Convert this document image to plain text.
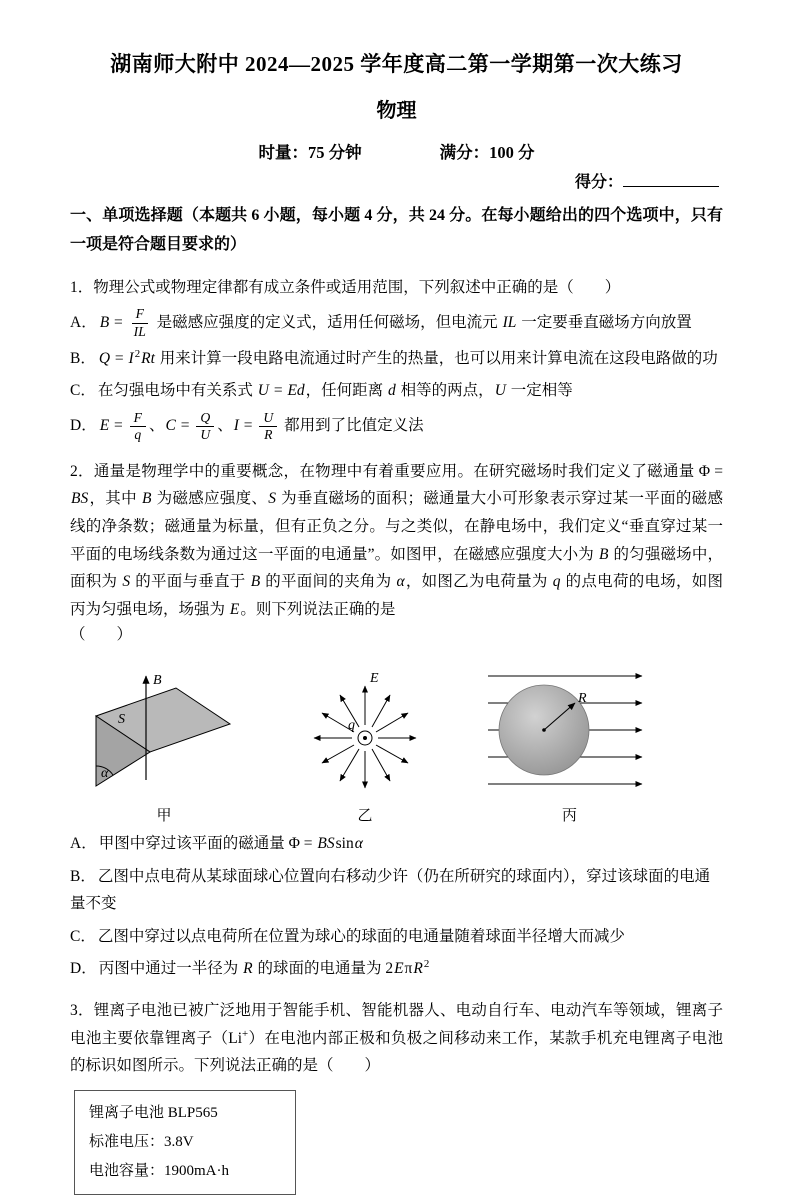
湖南师大附中 2024—2025 学年度高二第一学期第一次大练习
物理
时量：75 分钟	满分：100 分
得分：
一、单项选择题（本题共 6 小题，每小题 4 分，共 24 分。在每小题给出的四个选项中，只有一项是符合题目要求的）
1．物理公式或物理定律都有成立条件或适用范围，下列叙述中正确的是（　　）
A． $B = \frac{F}{IL}$ 是磁感应强度的定义式，适用任何磁场，但电流元 IL 一定要垂直磁场方向放置
B． $Q = I^2Rt$ 用来计算一段电路电流通过时产生的热量，也可以用来计算电流在这段电路做的功
C． 在匀强电场中有关系式 U = Ed，任何距离 d 相等的两点，U 一定相等
D． $E = \frac{F}{q}$ 、$C = \frac{Q}{U}$ 、$I = \frac{U}{R}$ 都用到了比值定义法
2．通量是物理学中的重要概念，在物理中有着重要应用。在研究磁场时我们定义了磁通量 Φ = BS，其中 B 为磁感应强度、S 为垂直磁场的面积；磁通量大小可形象表示穿过某一平面的磁感线的净条数；磁通量为标量，但有正负之分。与之类似，在静电场中，我们定义“垂直穿过某一平面的电场线条数为通过这一平面的电通量”。如图甲，在磁感应强度大小为 B 的匀强磁场中，面积为 S 的平面与垂直于 B 的平面间的夹角为 α，如图乙为电荷量为 q 的点电荷的电场，如图丙为匀强电场，场强为 E。则下列说法正确的是
（　　）
B
S
α
甲
E
q
乙
R
丙
A． 甲图中穿过该平面的磁通量 Φ = BSsinα
B． 乙图中点电荷从某球面球心位置向右移动少许（仍在所研究的球面内），穿过该球面的电通量不变
C． 乙图中穿过以点电荷所在位置为球心的球面的电通量随着球面半径增大而减少
D． 丙图中通过一半径为 R 的球面的电通量为 2EπR$^2$
3．锂离子电池已被广泛地用于智能手机、智能机器人、电动自行车、电动汽车等领域，锂离子电池主要依靠锂离子（Li+）在电池内部正极和负极之间移动来工作，某款手机充电锂离子电池的标识如图所示。下列说法正确的是（　　）
锂离子电池 BLP565
标准电压：3.8V
电池容量：1900mA·h
